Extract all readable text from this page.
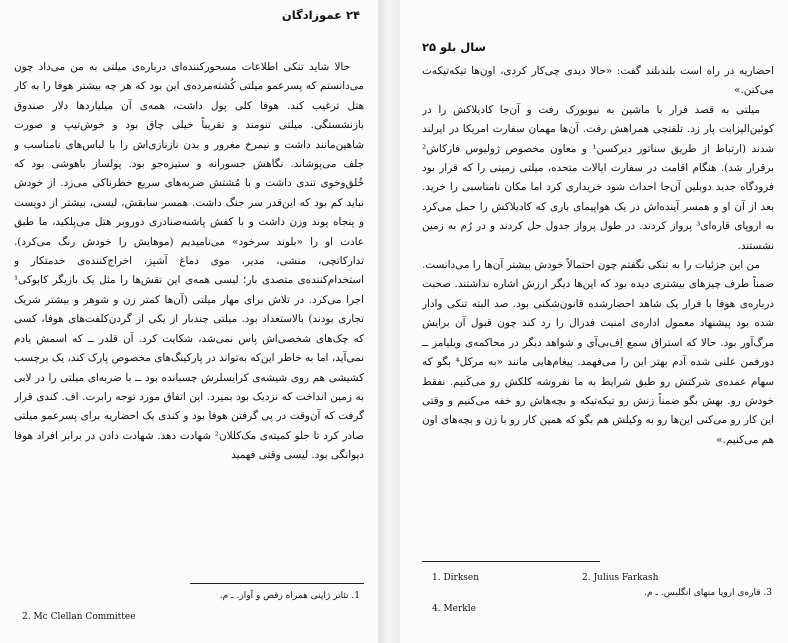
۲۴ عموزادگان

حالا شاید تنکی اطلاعات مسحورکننده‌ای درباره‌ی میلتی به من می‌داد چون می‌دانستم که پسرعمو میلتی کُشته‌مرده‌ی این بود که هر چه بیشتر هوفا را به کار هتل ترغیب کند. هوفا کلی پول داشت، همه‌ی آن میلیاردها دلار صندوق بازنشستگی. میلتی تنومند و تقریباً خیلی چاق بود و خوش‌تیپ و صورت شاهین‌مانند داشت و نیمرخ مغرور و بدن نازنازی‌اش را با لباس‌های نامناسب و جلف می‌پوشاند. نگاهش جسورانه و ستیزه‌جو بود. پولساز باهوشی بود که خُلق‌وخوی تندی داشت و با مُشتش ضربه‌های سریع خطرناکی می‌زد. از خودش نباید کم بود که این‌قدر سر جنگ داشت. همسر سابقش، لیسی، بیشتر از دویست و پنجاه پوند وزن داشت و با کفش پاشنه‌صنادری دوروبر هتل می‌پلکید، ما طبق عادت او را «بلوند سرخود» می‌نامیدیم (موهایش را خودش رنگ می‌کرد). تدارکاتچی، منشی، مدیر، موی دماغ آشپز، اخراج‌کننده‌ی خدمتکار و استخدام‌کننده‌ی متصدی بار؛ لیسی همه‌ی این نقش‌ها را مثل یک بازیگر کابوکی¹ اجرا می‌کرد. در تلاش برای مهار میلتی (آن‌ها کمتر زن و شوهر و بیشتر شریک تجاری بودند) بالاستعداد بود. میلتی چندبار از یکی از گردن‌کلفت‌های هوفا، کسی که چک‌های شخصی‌اش پاس نمی‌شد، شکایت کرد. آن قلدر ــ که اسمش یادم نمی‌آید، اما به خاطر این‌که به‌تواند در پارکینگ‌های مخصوص پارک کند، یک برچسب کشیشی هم روی شیشه‌ی کرایسلرش چسبانده بود ــ با ضربه‌ای میلتی را در لابی به زمین انداخت که نزدیک بود بمیرد. این اتفاق مورد توجه رابرت. اف. کندی قرار گرفت که آن‌وقت در پی گرفتن هوفا بود و کندی یک احضاریه برای پسرعمو میلتی صادر کرد تا جلو کمیته‌ی مک‌کللان² شهادت دهد. شهادت دادن در برابر افراد هوفا دیوانگی بود. لیسی وقتی فهمید

1. تئاتر ژاپنی همراه رقص و آواز. ـ م.
2. Mc Clellan Committee
سال بلو ۲۵

احضاریه در راه است بلندبلند گفت: «حالا دیدی چی‌کار کردی، اون‌ها تیکه‌تیکه‌ت می‌کنن.»

میلتی به قصد فرار با ماشین به نیویورک رفت و آن‌جا کادیلاکش را در کوئین‌الیزابت پار زد. تلفنچی همراهش رفت. آن‌ها مهمان سفارت امریکا در ایرلند شدند (ارتباط از طریق سناتور دیرکسن¹ و معاون مخصوص ژولیوس فارکاش² برقرار شد). هنگام اقامت در سفارت ایالات متحده، میلتی زمینی را که قرار بود فرودگاه جدید دوبلین آن‌جا احداث شود خریداری کرد اما مکان نامناسبی را خرید. بعد از آن او و همسر آینده‌اش در یک هواپیمای باری که کادیلاکش را حمل می‌کرد به اروپای قاره‌ای³ پرواز کردند. در طول پرواز جدول حل کردند و در رُم به زمین نشستند.

من این جزئیات را به تنکی نگفتم چون احتمالاً خودش بیشتر آن‌ها را می‌دانست. ضمناً طرف چیزهای بیشتری دیده بود که این‌ها دیگر ارزش اشاره نداشتند. صحبت درباره‌ی هوفا با فرار یک شاهد احضارشده قانون‌شکنی بود. صد البته تنکی وادار شده بود پیشنهاد معمول اداره‌ی امنیت فدرال را رد کند چون قبول آن برایش مرگ‌آور بود. حالا که استراق سمع اِف‌بی‌آی و شواهد دیگر در محاکمه‌ی ویلیامز ــ دورفمن علنی شده آدم بهتر این را می‌فهمد. پیغام‌هایی مانند «به مرکل⁴ بگو که سهام عمده‌ی شرکتش رو طبق شرایط به ما نفروشه کلکش رو می‌کَنیم. نفقط خودش رو. بهش بگو ضمناً زنش رو تیکه‌تیکه و بچه‌هاش رو خفه می‌کنیم و وقتی این کار رو می‌کنی این‌ها رو به وکیلش هم بگو که همین کار رو با زن و بچه‌های اون هم می‌کنیم.»

1. Dirksen	2. Julius Farkash
3. قاره‌ی اروپا منهای انگلیس. ـ م.
4. Merkle
